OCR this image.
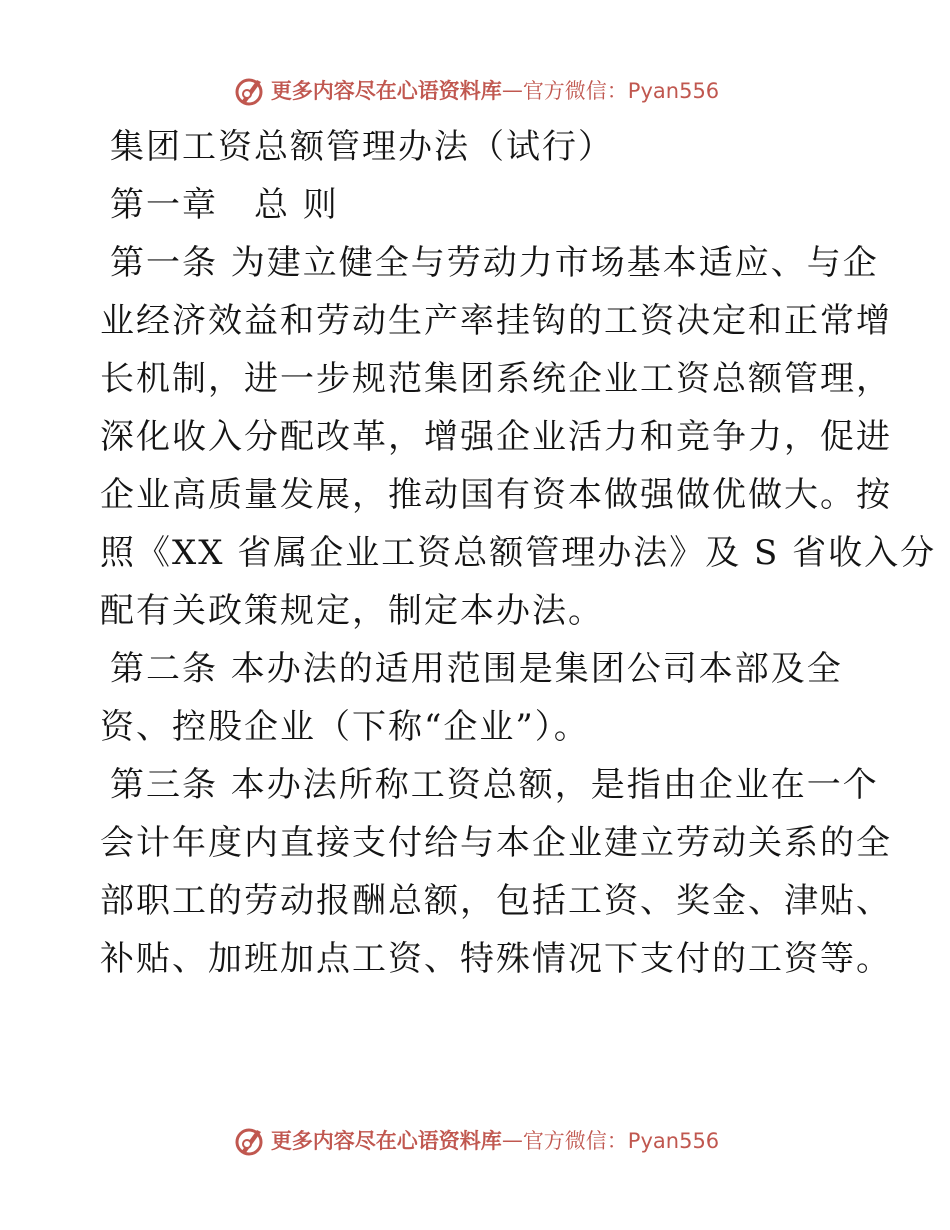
更多内容尽在心语资料库 — 官方微信：Pyan556
集团工资总额管理办法（试行）
第一章　总 则
第一条 为建立健全与劳动力市场基本适应、与企
业经济效益和劳动生产率挂钩的工资决定和正常增
长机制，进一步规范集团系统企业工资总额管理，
深化收入分配改革，增强企业活力和竞争力，促进
企业高质量发展，推动国有资本做强做优做大。按
照《XX 省属企业工资总额管理办法》及 S 省收入分
配有关政策规定，制定本办法。
第二条 本办法的适用范围是集团公司本部及全
资、控股企业（下称“企业”）。
第三条 本办法所称工资总额，是指由企业在一个
会计年度内直接支付给与本企业建立劳动关系的全
部职工的劳动报酬总额，包括工资、奖金、津贴、
补贴、加班加点工资、特殊情况下支付的工资等。
更多内容尽在心语资料库 — 官方微信：Pyan556
